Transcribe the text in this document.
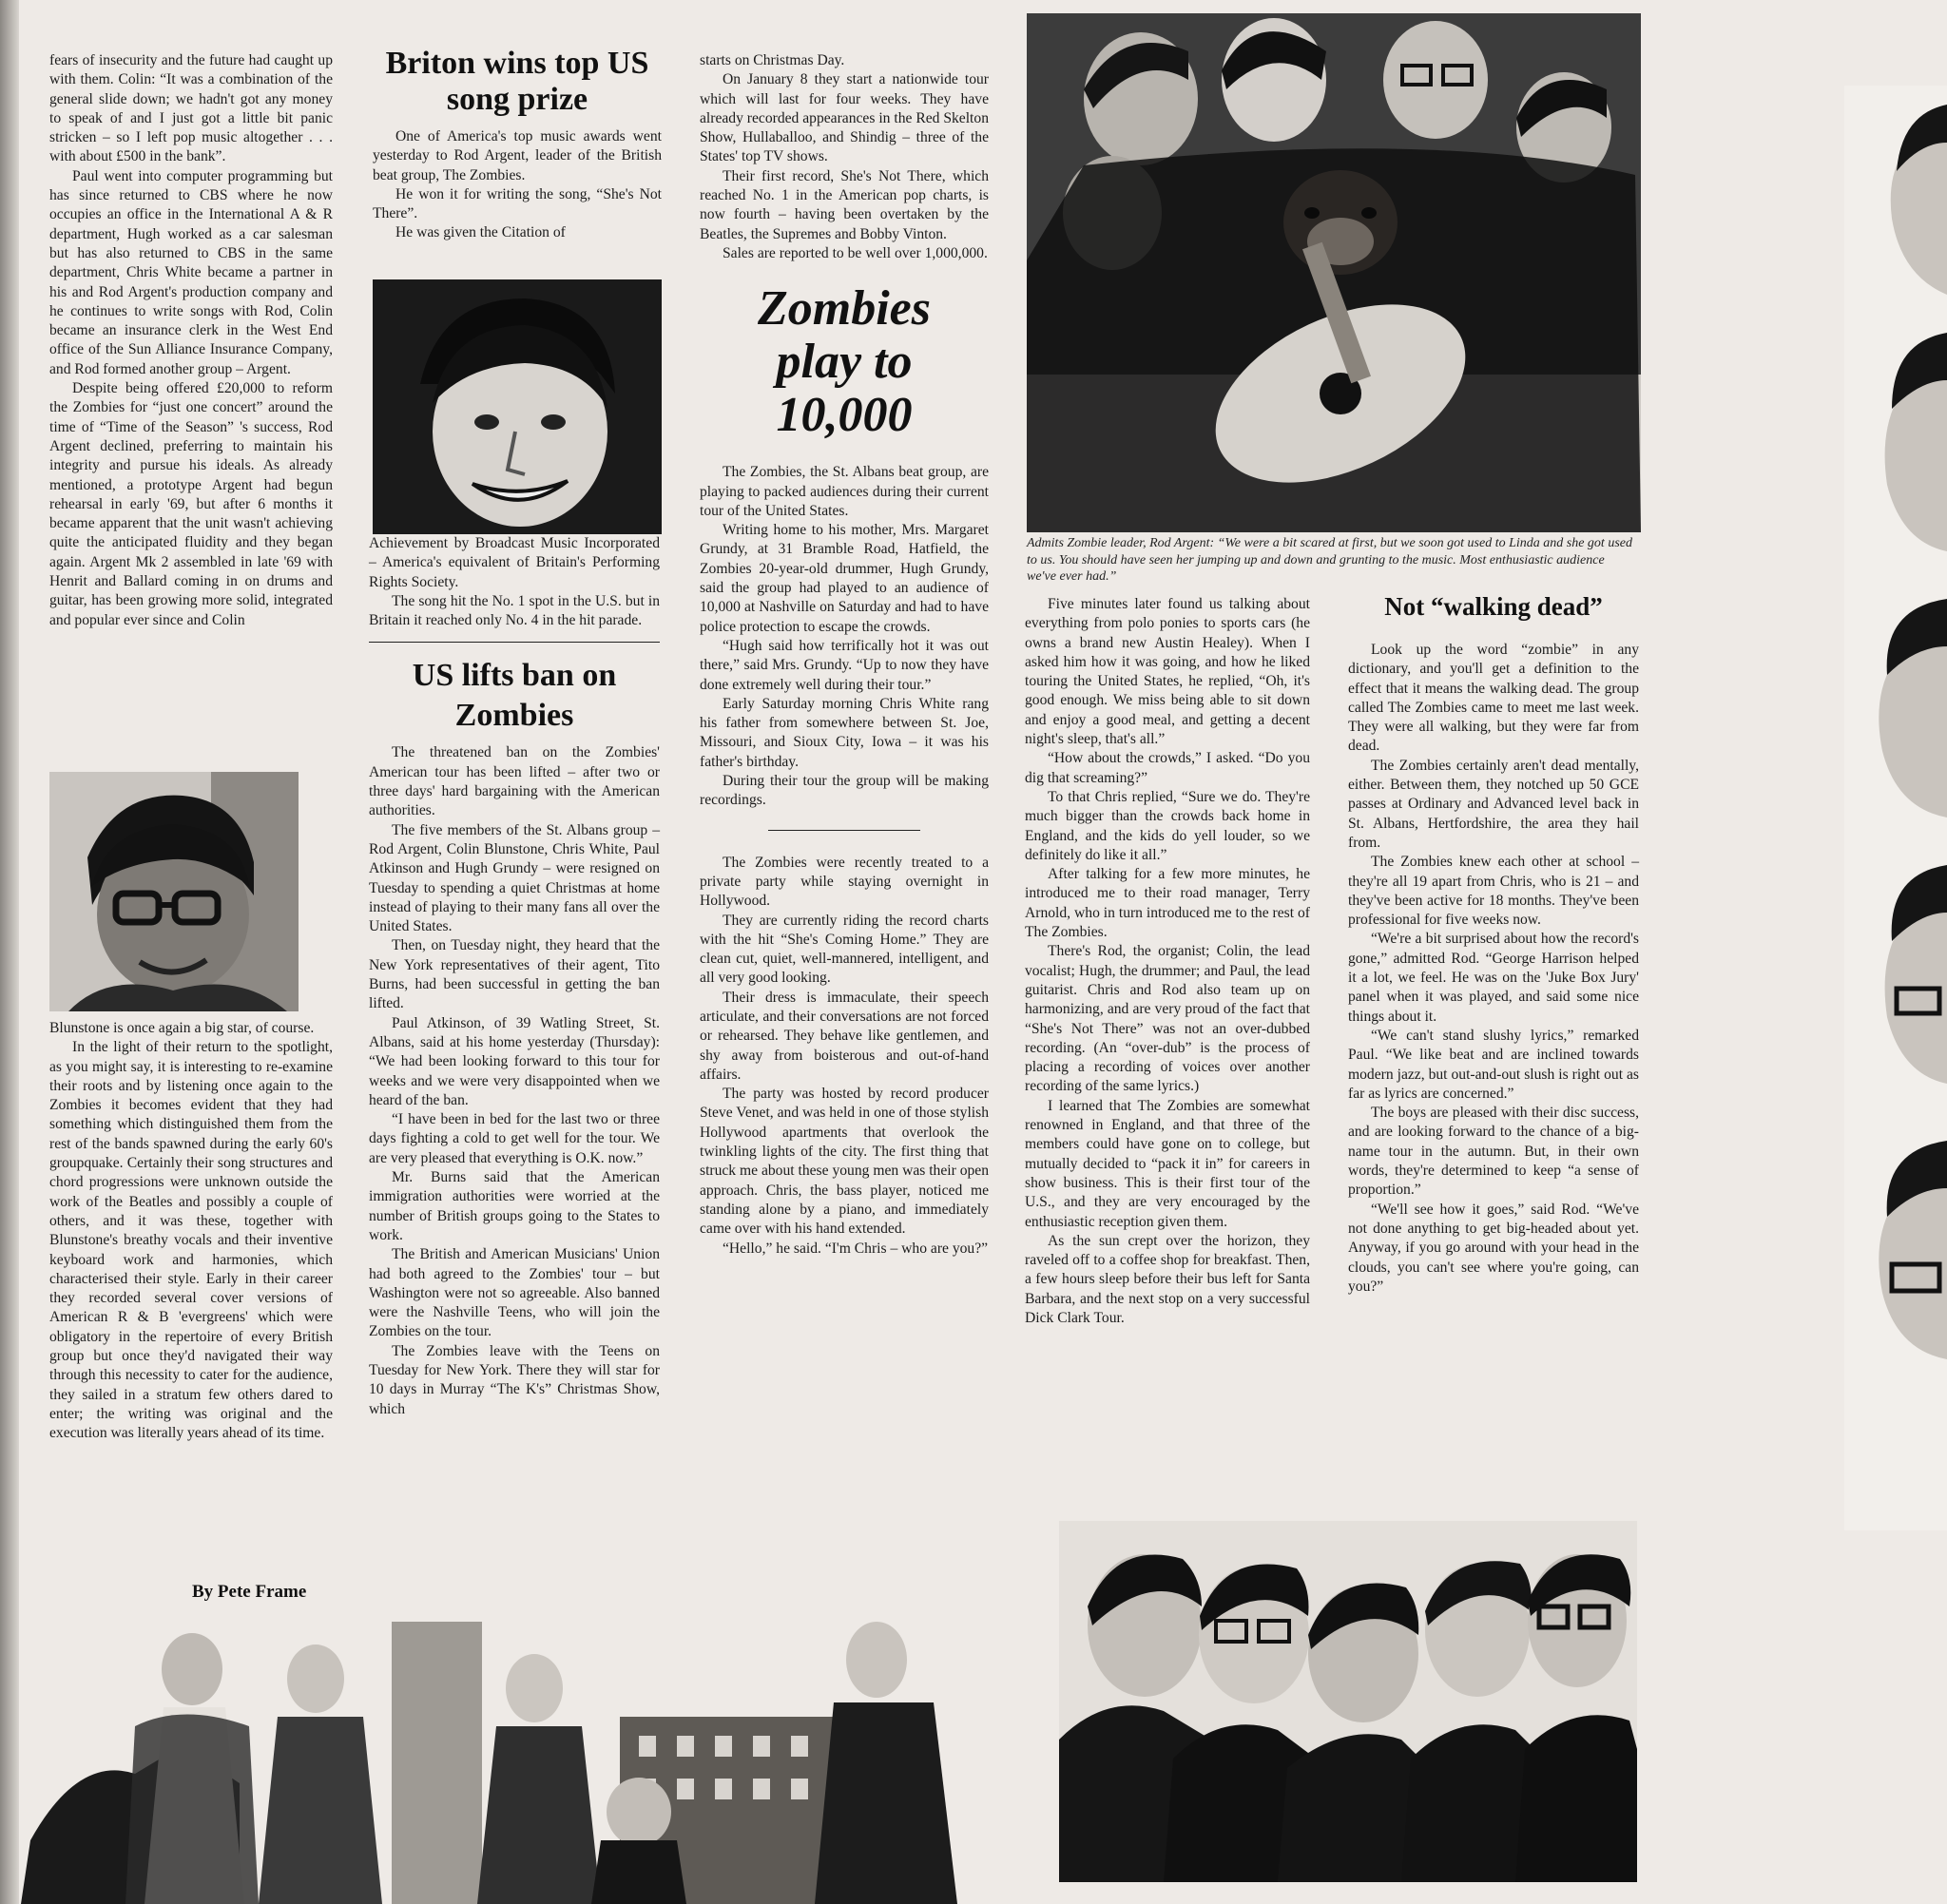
fears of insecurity and the future had caught up with them. Colin: “It was a combination of the general slide down; we hadn't got any money to speak of and I just got a little bit panic stricken – so I left pop music altogether . . . with about £500 in the bank”.

Paul went into computer programming but has since returned to CBS where he now occupies an office in the International A & R department, Hugh worked as a car salesman but has also returned to CBS in the same department, Chris White became a partner in his and Rod Argent's production company and he continues to write songs with Rod, Colin became an insurance clerk in the West End office of the Sun Alliance Insurance Company, and Rod formed another group – Argent.

Despite being offered £20,000 to reform the Zombies for “just one concert” around the time of “Time of the Season” 's success, Rod Argent declined, preferring to maintain his integrity and pursue his ideals. As already mentioned, a prototype Argent had begun rehearsal in early '69, but after 6 months it became apparent that the unit wasn't achieving quite the anticipated fluidity and they began again. Argent Mk 2 assembled in late '69 with Henrit and Ballard coming in on drums and guitar, has been growing more solid, integrated and popular ever since and Colin

Blunstone is once again a big star, of course.

In the light of their return to the spotlight, as you might say, it is interesting to re-examine their roots and by listening once again to the Zombies it becomes evident that they had something which distinguished them from the rest of the bands spawned during the early 60's groupquake. Certainly their song structures and chord progressions were unknown outside the work of the Beatles and possibly a couple of others, and it was these, together with Blunstone's breathy vocals and their inventive keyboard work and harmonies, which characterised their style. Early in their career they recorded several cover versions of American R & B 'evergreens' which were obligatory in the repertoire of every British group but once they'd navigated their way through this necessity to cater for the audience, they sailed in a stratum few others dared to enter; the writing was original and the execution was literally years ahead of its time.

By Pete Frame
Briton wins top US song prize

One of America's top music awards went yesterday to Rod Argent, leader of the British beat group, The Zombies.

He won it for writing the song, “She's Not There”.

He was given the Citation of

Achievement by Broadcast Music Incorporated – America's equivalent of Britain's Performing Rights Society.

The song hit the No. 1 spot in the U.S. but in Britain it reached only No. 4 in the hit parade.

US lifts ban on Zombies

The threatened ban on the Zombies' American tour has been lifted – after two or three days' hard bargaining with the American authorities.

The five members of the St. Albans group – Rod Argent, Colin Blunstone, Chris White, Paul Atkinson and Hugh Grundy – were resigned on Tuesday to spending a quiet Christmas at home instead of playing to their many fans all over the United States.

Then, on Tuesday night, they heard that the New York representatives of their agent, Tito Burns, had been successful in getting the ban lifted.

Paul Atkinson, of 39 Watling Street, St. Albans, said at his home yesterday (Thursday): “We had been looking forward to this tour for weeks and we were very disappointed when we heard of the ban.

“I have been in bed for the last two or three days fighting a cold to get well for the tour. We are very pleased that everything is O.K. now.”

Mr. Burns said that the American immigration authorities were worried at the number of British groups going to the States to work.

The British and American Musicians' Union had both agreed to the Zombies' tour – but Washington were not so agreeable. Also banned were the Nashville Teens, who will join the Zombies on the tour.

The Zombies leave with the Teens on Tuesday for New York. There they will star for 10 days in Murray “The K's” Christmas Show, which

starts on Christmas Day.

On January 8 they start a nationwide tour which will last for four weeks. They have already recorded appearances in the Red Skelton Show, Hullaballoo, and Shindig – three of the States' top TV shows.

Their first record, She's Not There, which reached No. 1 in the American pop charts, is now fourth – having been overtaken by the Beatles, the Supremes and Bobby Vinton.

Sales are reported to be well over 1,000,000.

Zombies play to 10,000

The Zombies, the St. Albans beat group, are playing to packed audiences during their current tour of the United States.

Writing home to his mother, Mrs. Margaret Grundy, at 31 Bramble Road, Hatfield, the Zombies 20-year-old drummer, Hugh Grundy, said the group had played to an audience of 10,000 at Nashville on Saturday and had to have police protection to escape the crowds.

“Hugh said how terrifically hot it was out there,” said Mrs. Grundy. “Up to now they have done extremely well during their tour.”

Early Saturday morning Chris White rang his father from somewhere between St. Joe, Missouri, and Sioux City, Iowa – it was his father's birthday.

During their tour the group will be making recordings.

The Zombies were recently treated to a private party while staying overnight in Hollywood.

They are currently riding the record charts with the hit “She's Coming Home.” They are clean cut, quiet, well-mannered, intelligent, and all very good looking.

Their dress is immaculate, their speech articulate, and their conversations are not forced or rehearsed. They behave like gentlemen, and shy away from boisterous and out-of-hand affairs.

The party was hosted by record producer Steve Venet, and was held in one of those stylish Hollywood apartments that overlook the twinkling lights of the city. The first thing that struck me about these young men was their open approach. Chris, the bass player, noticed me standing alone by a piano, and immediately came over with his hand extended.

“Hello,” he said. “I'm Chris – who are you?”

Admits Zombie leader, Rod Argent: “We were a bit scared at first, but we soon got used to Linda and she got used to us. You should have seen her jumping up and down and grunting to the music. Most enthusiastic audience we've ever had.”

Five minutes later found us talking about everything from polo ponies to sports cars (he owns a brand new Austin Healey). When I asked him how it was going, and how he liked touring the United States, he replied, “Oh, it's good enough. We miss being able to sit down and enjoy a good meal, and getting a decent night's sleep, that's all.”

“How about the crowds,” I asked. “Do you dig that screaming?”

To that Chris replied, “Sure we do. They're much bigger than the crowds back home in England, and the kids do yell louder, so we definitely do like it all.”

After talking for a few more minutes, he introduced me to their road manager, Terry Arnold, who in turn introduced me to the rest of The Zombies.

There's Rod, the organist; Colin, the lead vocalist; Hugh, the drummer; and Paul, the lead guitarist. Chris and Rod also team up on harmonizing, and are very proud of the fact that “She's Not There” was not an over-dubbed recording. (An “over-dub” is the process of placing a recording of voices over another recording of the same lyrics.)

I learned that The Zombies are somewhat renowned in England, and that three of the members could have gone on to college, but mutually decided to “pack it in” for careers in show business. This is their first tour of the U.S., and they are very encouraged by the enthusiastic reception given them.

As the sun crept over the horizon, they raveled off to a coffee shop for breakfast. Then, a few hours sleep before their bus left for Santa Barbara, and the next stop on a very successful Dick Clark Tour.

Not “walking dead”

Look up the word “zombie” in any dictionary, and you'll get a definition to the effect that it means the walking dead. The group called The Zombies came to meet me last week. They were all walking, but they were far from dead.

The Zombies certainly aren't dead mentally, either. Between them, they notched up 50 GCE passes at Ordinary and Advanced level back in St. Albans, Hertfordshire, the area they hail from.

The Zombies knew each other at school – they're all 19 apart from Chris, who is 21 – and they've been active for 18 months. They've been professional for five weeks now.

“We're a bit surprised about how the record's gone,” admitted Rod. “George Harrison helped it a lot, we feel. He was on the 'Juke Box Jury' panel when it was played, and said some nice things about it.

“We can't stand slushy lyrics,” remarked Paul. “We like beat and are inclined towards modern jazz, but out-and-out slush is right out as far as lyrics are concerned.”

The boys are pleased with their disc success, and are looking forward to the chance of a big-name tour in the autumn. But, in their own words, they're determined to keep “a sense of proportion.”

“We'll see how it goes,” said Rod. “We've not done anything to get big-headed about yet. Anyway, if you go around with your head in the clouds, you can't see where you're going, can you?”
